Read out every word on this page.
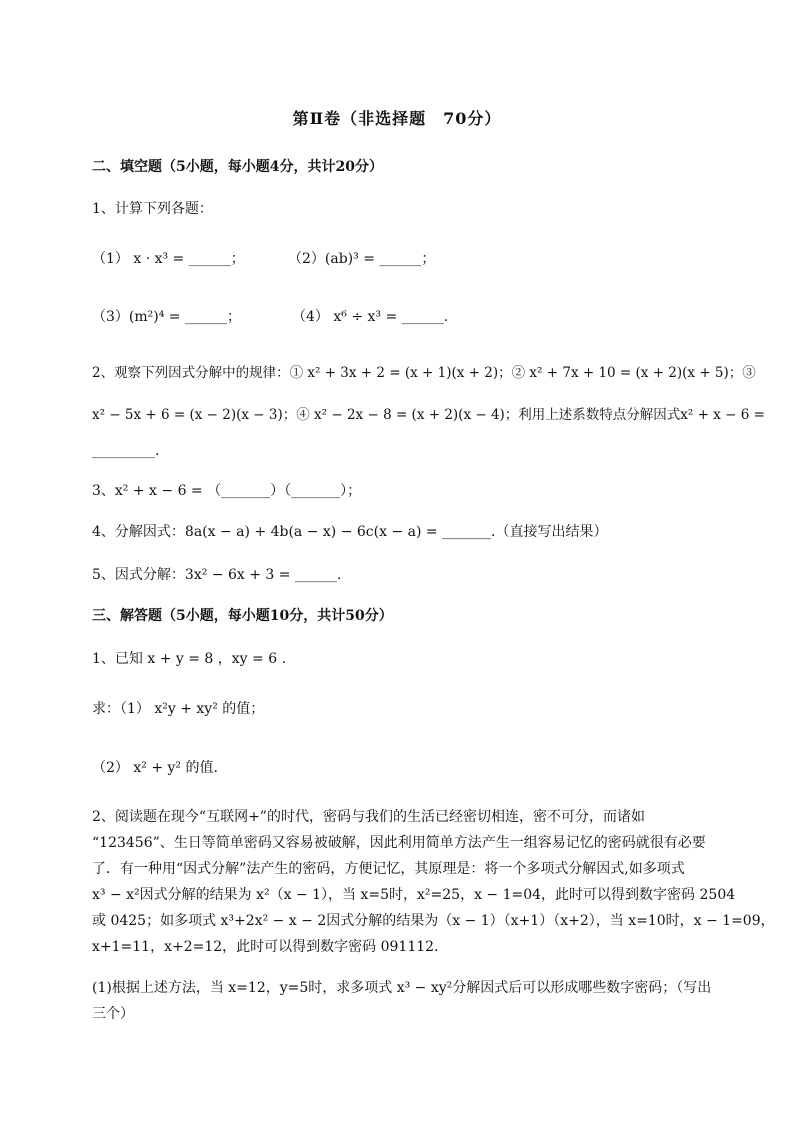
第Ⅱ卷（非选择题　70分）
二、填空题（5小题，每小题4分，共计20分）
1、计算下列各题：
（1） x · x³ = ______；	（2）(ab)³ = ______；
（3）(m²)⁴ = ______；	（4） x⁶ ÷ x³ = ______.
2、观察下列因式分解中的规律：① x² + 3x + 2 = (x + 1)(x + 2)；② x² + 7x + 10 = (x + 2)(x + 5)；③
x² − 5x + 6 = (x − 2)(x − 3)；④ x² − 2x − 8 = (x + 2)(x − 4)；利用上述系数特点分解因式x² + x − 6 =
_________.
3、x² + x − 6 = （_______）（_______）；
4、分解因式：8a(x − a) + 4b(a − x) − 6c(x − a) = _______.（直接写出结果）
5、因式分解：3x² − 6x + 3 = ______.
三、解答题（5小题，每小题10分，共计50分）
1、已知 x + y = 8 ，xy = 6 .
求：（1） x²y + xy² 的值；
（2） x² + y² 的值.
2、阅读题在现今“互联网+”的时代，密码与我们的生活已经密切相连，密不可分，而诸如
“123456”、生日等简单密码又容易被破解，因此利用简单方法产生一组容易记忆的密码就很有必要
了．有一种用“因式分解”法产生的密码，方便记忆，其原理是：将一个多项式分解因式,如多项式
x³ − x²因式分解的结果为 x²（x − 1），当 x=5时，x²=25，x − 1=04，此时可以得到数字密码 2504
或 0425；如多项式 x³+2x² − x − 2因式分解的结果为（x − 1）（x+1）（x+2），当 x=10时，x − 1=09，
x+1=11，x+2=12，此时可以得到数字密码 091112.
(1)根据上述方法，当 x=12，y=5时，求多项式 x³ − xy²分解因式后可以形成哪些数字密码；（写出
三个）
